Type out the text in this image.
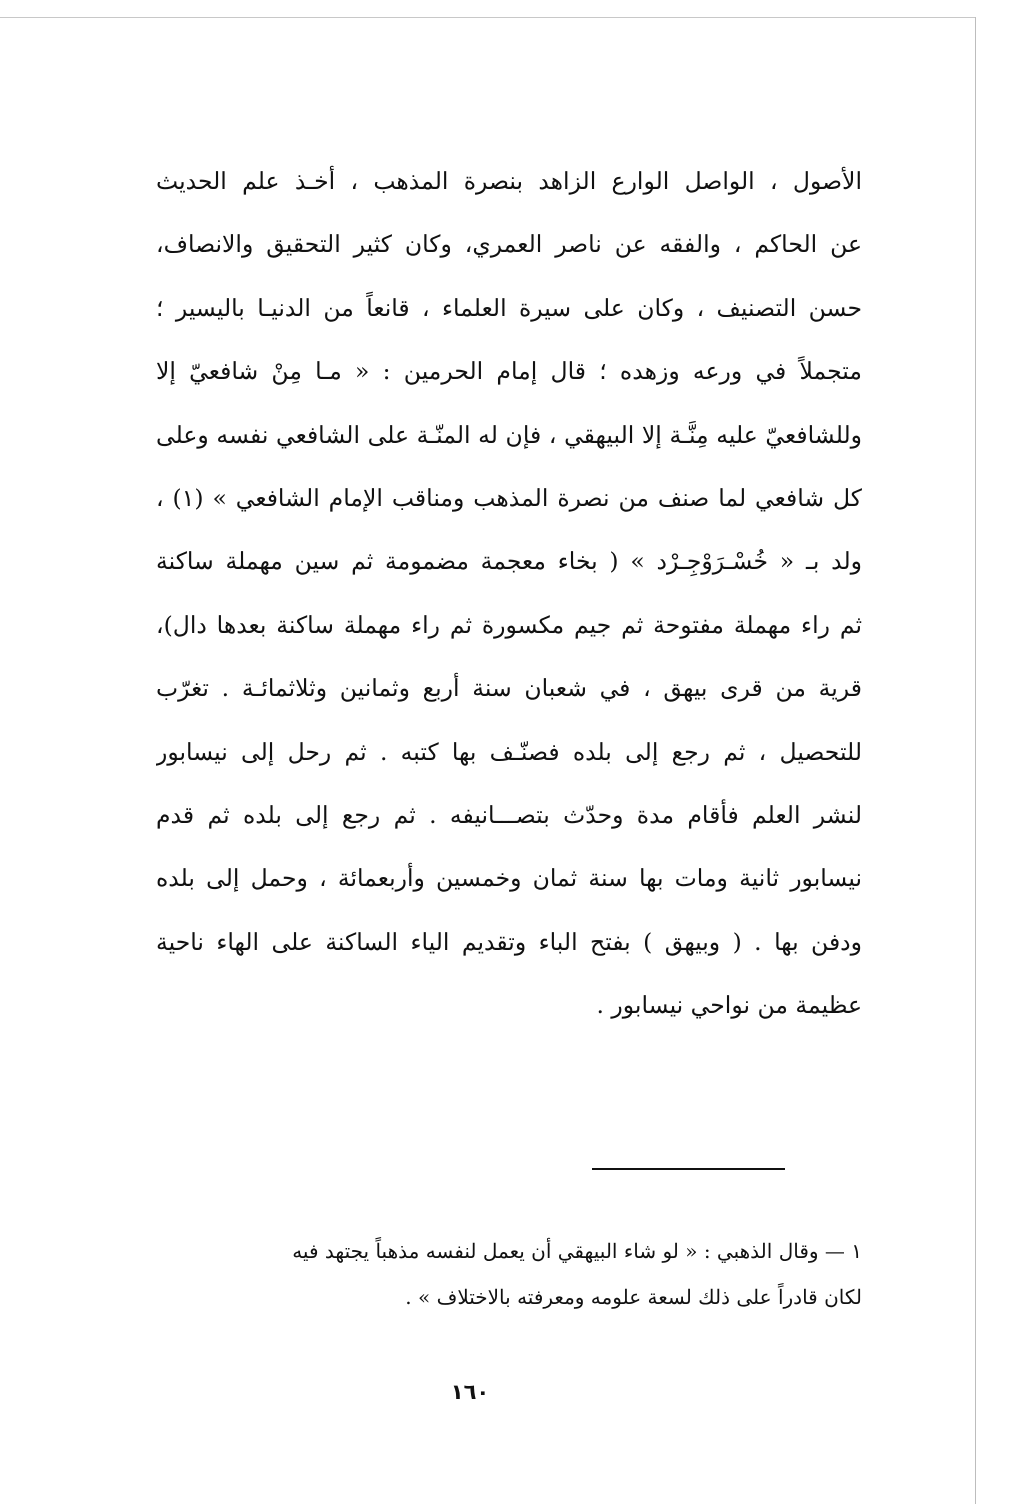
الأصول ، الواصل الوارع الزاهد بنصرة المذهب ، أخـذ علم الحديث
عن الحاكم ، والفقه عن ناصر العمري، وكان كثير التحقيق والانصاف،
حسن التصنيف ، وكان على سيرة العلماء ، قانعاً من الدنيـا باليسير ؛
متجملاً في ورعه وزهده ؛ قال إمام الحرمين : « مـا مِنْ شافعيّ إلا
وللشافعيّ عليه مِنَّـة إلا البيهقي ، فإن له المنّـة على الشافعي نفسه وعلى
كل شافعي لما صنف من نصرة المذهب ومناقب الإمام الشافعي » (١) ،
ولد بـ « خُسْـرَوْجِـرْد » ( بخاء معجمة مضمومة ثم سين مهملة ساكنة
ثم راء مهملة مفتوحة ثم جيم مكسورة ثم راء مهملة ساكنة بعدها دال)،
قرية من قرى بيهق ، في شعبان سنة أربع وثمانين وثلاثمائـة . تغرّب
للتحصيل ، ثم رجع إلى بلده فصنّـف بها كتبه . ثم رحل إلى نيسابور
لنشر العلم فأقام مدة وحدّث بتصـــانيفه . ثم رجع إلى بلده ثم قدم
نيسابور ثانية ومات بها سنة ثمان وخمسين وأربعمائة ، وحمل إلى بلده
ودفن بها . ( وبيهق ) بفتح الباء وتقديم الياء الساكنة على الهاء ناحية
عظيمة من نواحي نيسابور .
١ — وقال الذهبي : « لو شاء البيهقي أن يعمل لنفسه مذهباً يجتهد فيه
لكان قادراً على ذلك لسعة علومه ومعرفته بالاختلاف » .
١٦٠
